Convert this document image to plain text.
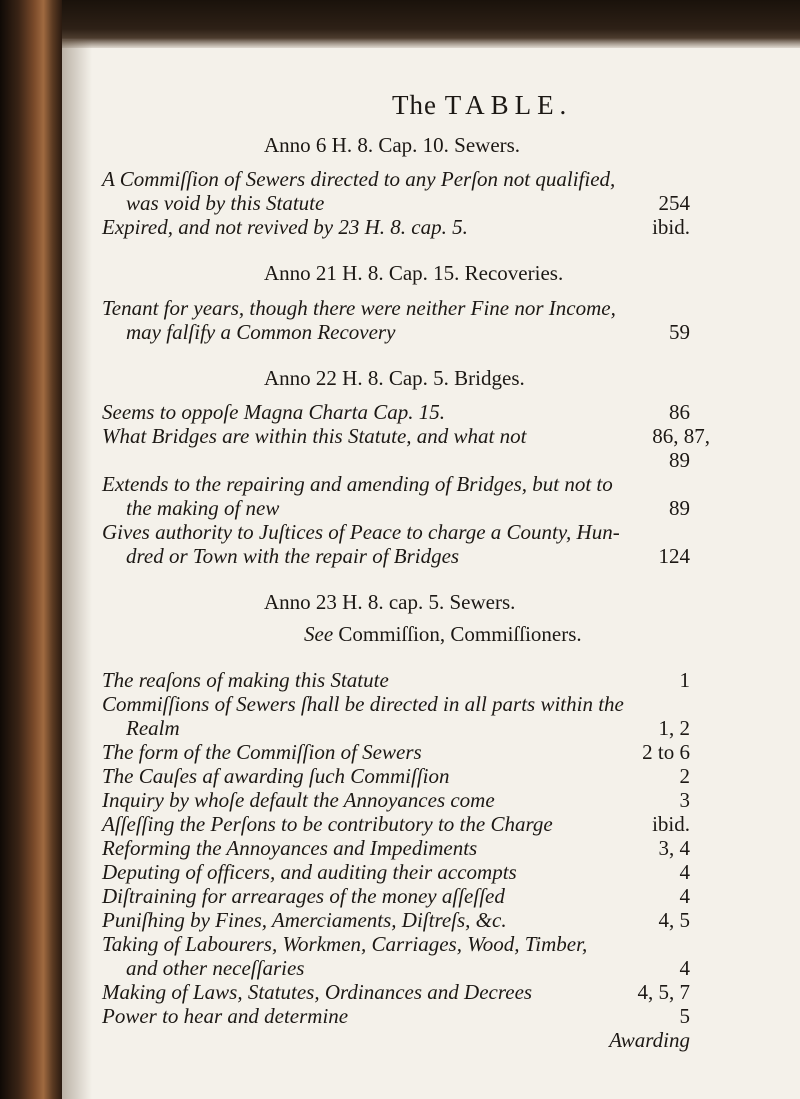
The TABLE.
Anno 6 H. 8. Cap. 10. Sewers.
A Commiſſion of Sewers directed to any Perſon not qualified,
was void by this Statute	254
Expired, and not revived by 23 H. 8. cap. 5.	ibid.
Anno 21 H. 8. Cap. 15. Recoveries.
Tenant for years, though there were neither Fine nor Income,
may falſify a Common Recovery	59
Anno 22 H. 8. Cap. 5. Bridges.
Seems to oppoſe Magna Charta Cap. 15.	86
What Bridges are within this Statute, and what not	86, 87,
89
Extends to the repairing and amending of Bridges, but not to
the making of new	89
Gives authority to Juſtices of Peace to charge a County, Hun-
dred or Town with the repair of Bridges	124
Anno 23 H. 8. cap. 5. Sewers.
See Commiſſion, Commiſſioners.
The reaſons of making this Statute	1
Commiſſions of Sewers ſhall be directed in all parts within the
Realm	1, 2
The form of the Commiſſion of Sewers	2 to 6
The Cauſes af awarding ſuch Commiſſion	2
Inquiry by whoſe default the Annoyances come	3
Aſſeſſing the Perſons to be contributory to the Charge	ibid.
Reforming the Annoyances and Impediments	3, 4
Deputing of officers, and auditing their accompts	4
Diſtraining for arrearages of the money aſſeſſed	4
Puniſhing by Fines, Amerciaments, Diſtreſs, &c.	4, 5
Taking of Labourers, Workmen, Carriages, Wood, Timber,
and other neceſſaries	4
Making of Laws, Statutes, Ordinances and Decrees	4, 5, 7
Power to hear and determine	5
Awarding
